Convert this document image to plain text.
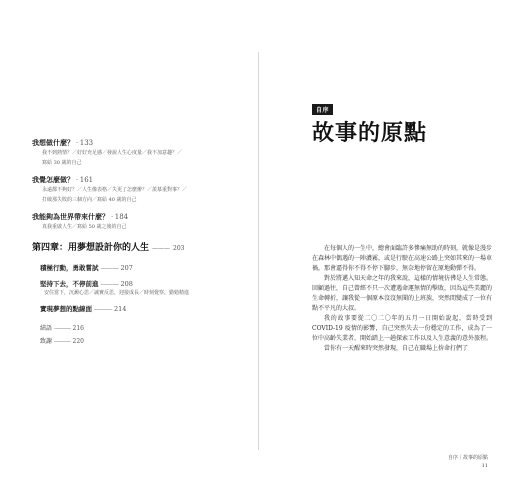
我想做什麼？ · 133
我不到熱情？／好好充足感／發說人生心度量／我不加意趣？／
寫給 30 歲的自己
我覺怎麼做？ · 161
永遠都不夠好？／人生像表格／失更了怎麼辦？／羨慕重對事？／
打破那失敗的三個方向／寫給 40 歲的自己
我能夠為世界帶來什麼？ · 184
真我重啟人生／寫給 50 歲之後的自己
第四章：用夢想設計你的人生 ——— 203
積極行動，勇敢嘗試 ——— 207
堅持下去，不停前進 ——— 208
安住當下，沉澱心思／誠實反思，迎接成長／時刻覺察，勤勉精進
實現夢想的點線面 ——— 214
結語 ——— 216
致謝 ——— 220
自序
故事的原點

在每個人的一生中，總會面臨許多慘痛無助的時刻，就像是漫步在森林中偶遇的一陣濃霧，或是行駛在高速公路上突如其來的一場車禍，那會逼得你不得不停下腳步，無奈地停留在原地動彈不得。

對於將邁入知天命之年的我來說，這樣的情境彷彿是人生常態。回顧過往，自己曾經不只一次遭遇命運無情的擊敗，因為這些美麗的生命轉折，讓我從一個原本沒沒無聞的上班族，突然間變成了一位有點不平凡的大叔。

我的故事要從二〇二〇年的五月一日開始說起，當時受到 COVID-19 疫情的影響，自己突然失去一份穩定的工作，成為了一位中高齡失業者，開始踏上一趟探索工作以及人生意義的意外旅程。

當你有一天醒來時突然發現，自己在職場上拚命打們了

自序｜故事的原點
11
